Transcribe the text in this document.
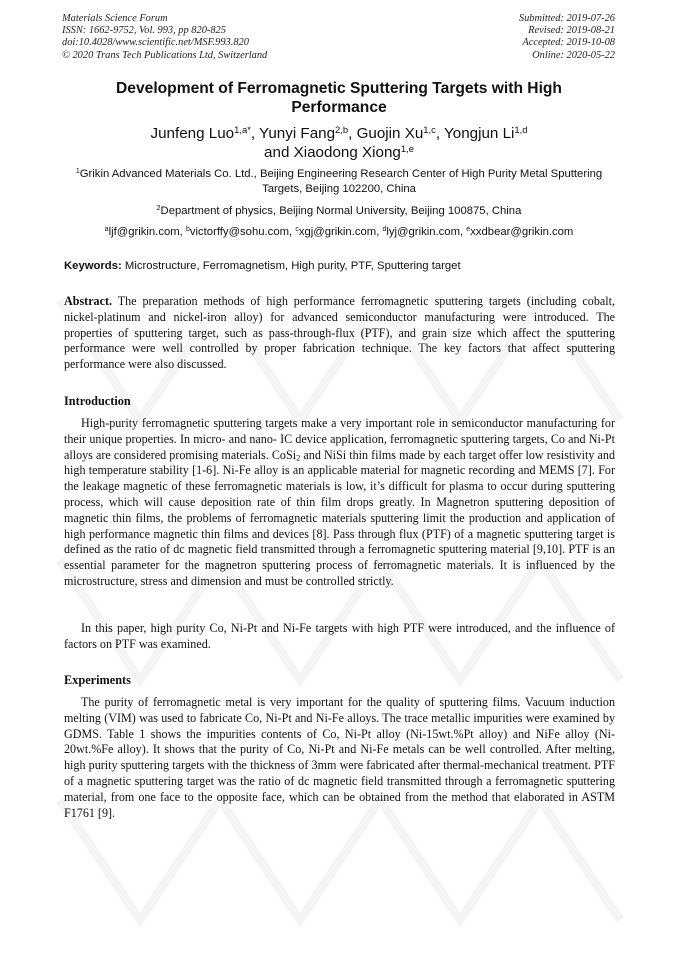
Materials Science Forum
ISSN: 1662-9752, Vol. 993, pp 820-825
doi:10.4028/www.scientific.net/MSF.993.820
© 2020 Trans Tech Publications Ltd, Switzerland
Submitted: 2019-07-26
Revised: 2019-08-21
Accepted: 2019-10-08
Online: 2020-05-22
Development of Ferromagnetic Sputtering Targets with High Performance
Junfeng Luo$^{1,a*}$, Yunyi Fang$^{2,b}$, Guojin Xu$^{1,c}$, Yongjun Li$^{1,d}$
and Xiaodong Xiong$^{1,e}$
$^1$Grikin Advanced Materials Co. Ltd., Beijing Engineering Research Center of High Purity Metal Sputtering Targets, Beijing 102200, China
$^2$Department of physics, Beijing Normal University, Beijing 100875, China
$^a$ljf@grikin.com, $^b$victorffy@sohu.com, $^c$xgj@grikin.com, $^d$lyj@grikin.com, $^e$xxdbear@grikin.com
Keywords: Microstructure, Ferromagnetism, High purity, PTF, Sputtering target

Abstract. The preparation methods of high performance ferromagnetic sputtering targets (including cobalt, nickel-platinum and nickel-iron alloy) for advanced semiconductor manufacturing were introduced. The properties of sputtering target, such as pass-through-flux (PTF), and grain size which affect the sputtering performance were well controlled by proper fabrication technique. The key factors that affect sputtering performance were also discussed.

Introduction

High-purity ferromagnetic sputtering targets make a very important role in semiconductor manufacturing for their unique properties. In micro- and nano- IC device application, ferromagnetic sputtering targets, Co and Ni-Pt alloys are considered promising materials. CoSi$_2$ and NiSi thin films made by each target offer low resistivity and high temperature stability [1-6]. Ni-Fe alloy is an applicable material for magnetic recording and MEMS [7]. For the leakage magnetic of these ferromagnetic materials is low, it’s difficult for plasma to occur during sputtering process, which will cause deposition rate of thin film drops greatly. In Magnetron sputtering deposition of magnetic thin films, the problems of ferromagnetic materials sputtering limit the production and application of high performance magnetic thin films and devices [8]. Pass through flux (PTF) of a magnetic sputtering target is defined as the ratio of dc magnetic field transmitted through a ferromagnetic sputtering material [9,10]. PTF is an essential parameter for the magnetron sputtering process of ferromagnetic materials. It is influenced by the microstructure, stress and dimension and must be controlled strictly.

In this paper, high purity Co, Ni-Pt and Ni-Fe targets with high PTF were introduced, and the influence of factors on PTF was examined.

Experiments

The purity of ferromagnetic metal is very important for the quality of sputtering films. Vacuum induction melting (VIM) was used to fabricate Co, Ni-Pt and Ni-Fe alloys. The trace metallic impurities were examined by GDMS. Table 1 shows the impurities contents of Co, Ni-Pt alloy (Ni-15wt.%Pt alloy) and NiFe alloy (Ni-20wt.%Fe alloy). It shows that the purity of Co, Ni-Pt and Ni-Fe metals can be well controlled. After melting, high purity sputtering targets with the thickness of 3mm were fabricated after thermal-mechanical treatment. PTF of a magnetic sputtering target was the ratio of dc magnetic field transmitted through a ferromagnetic sputtering material, from one face to the opposite face, which can be obtained from the method that elaborated in ASTM F1761 [9].
